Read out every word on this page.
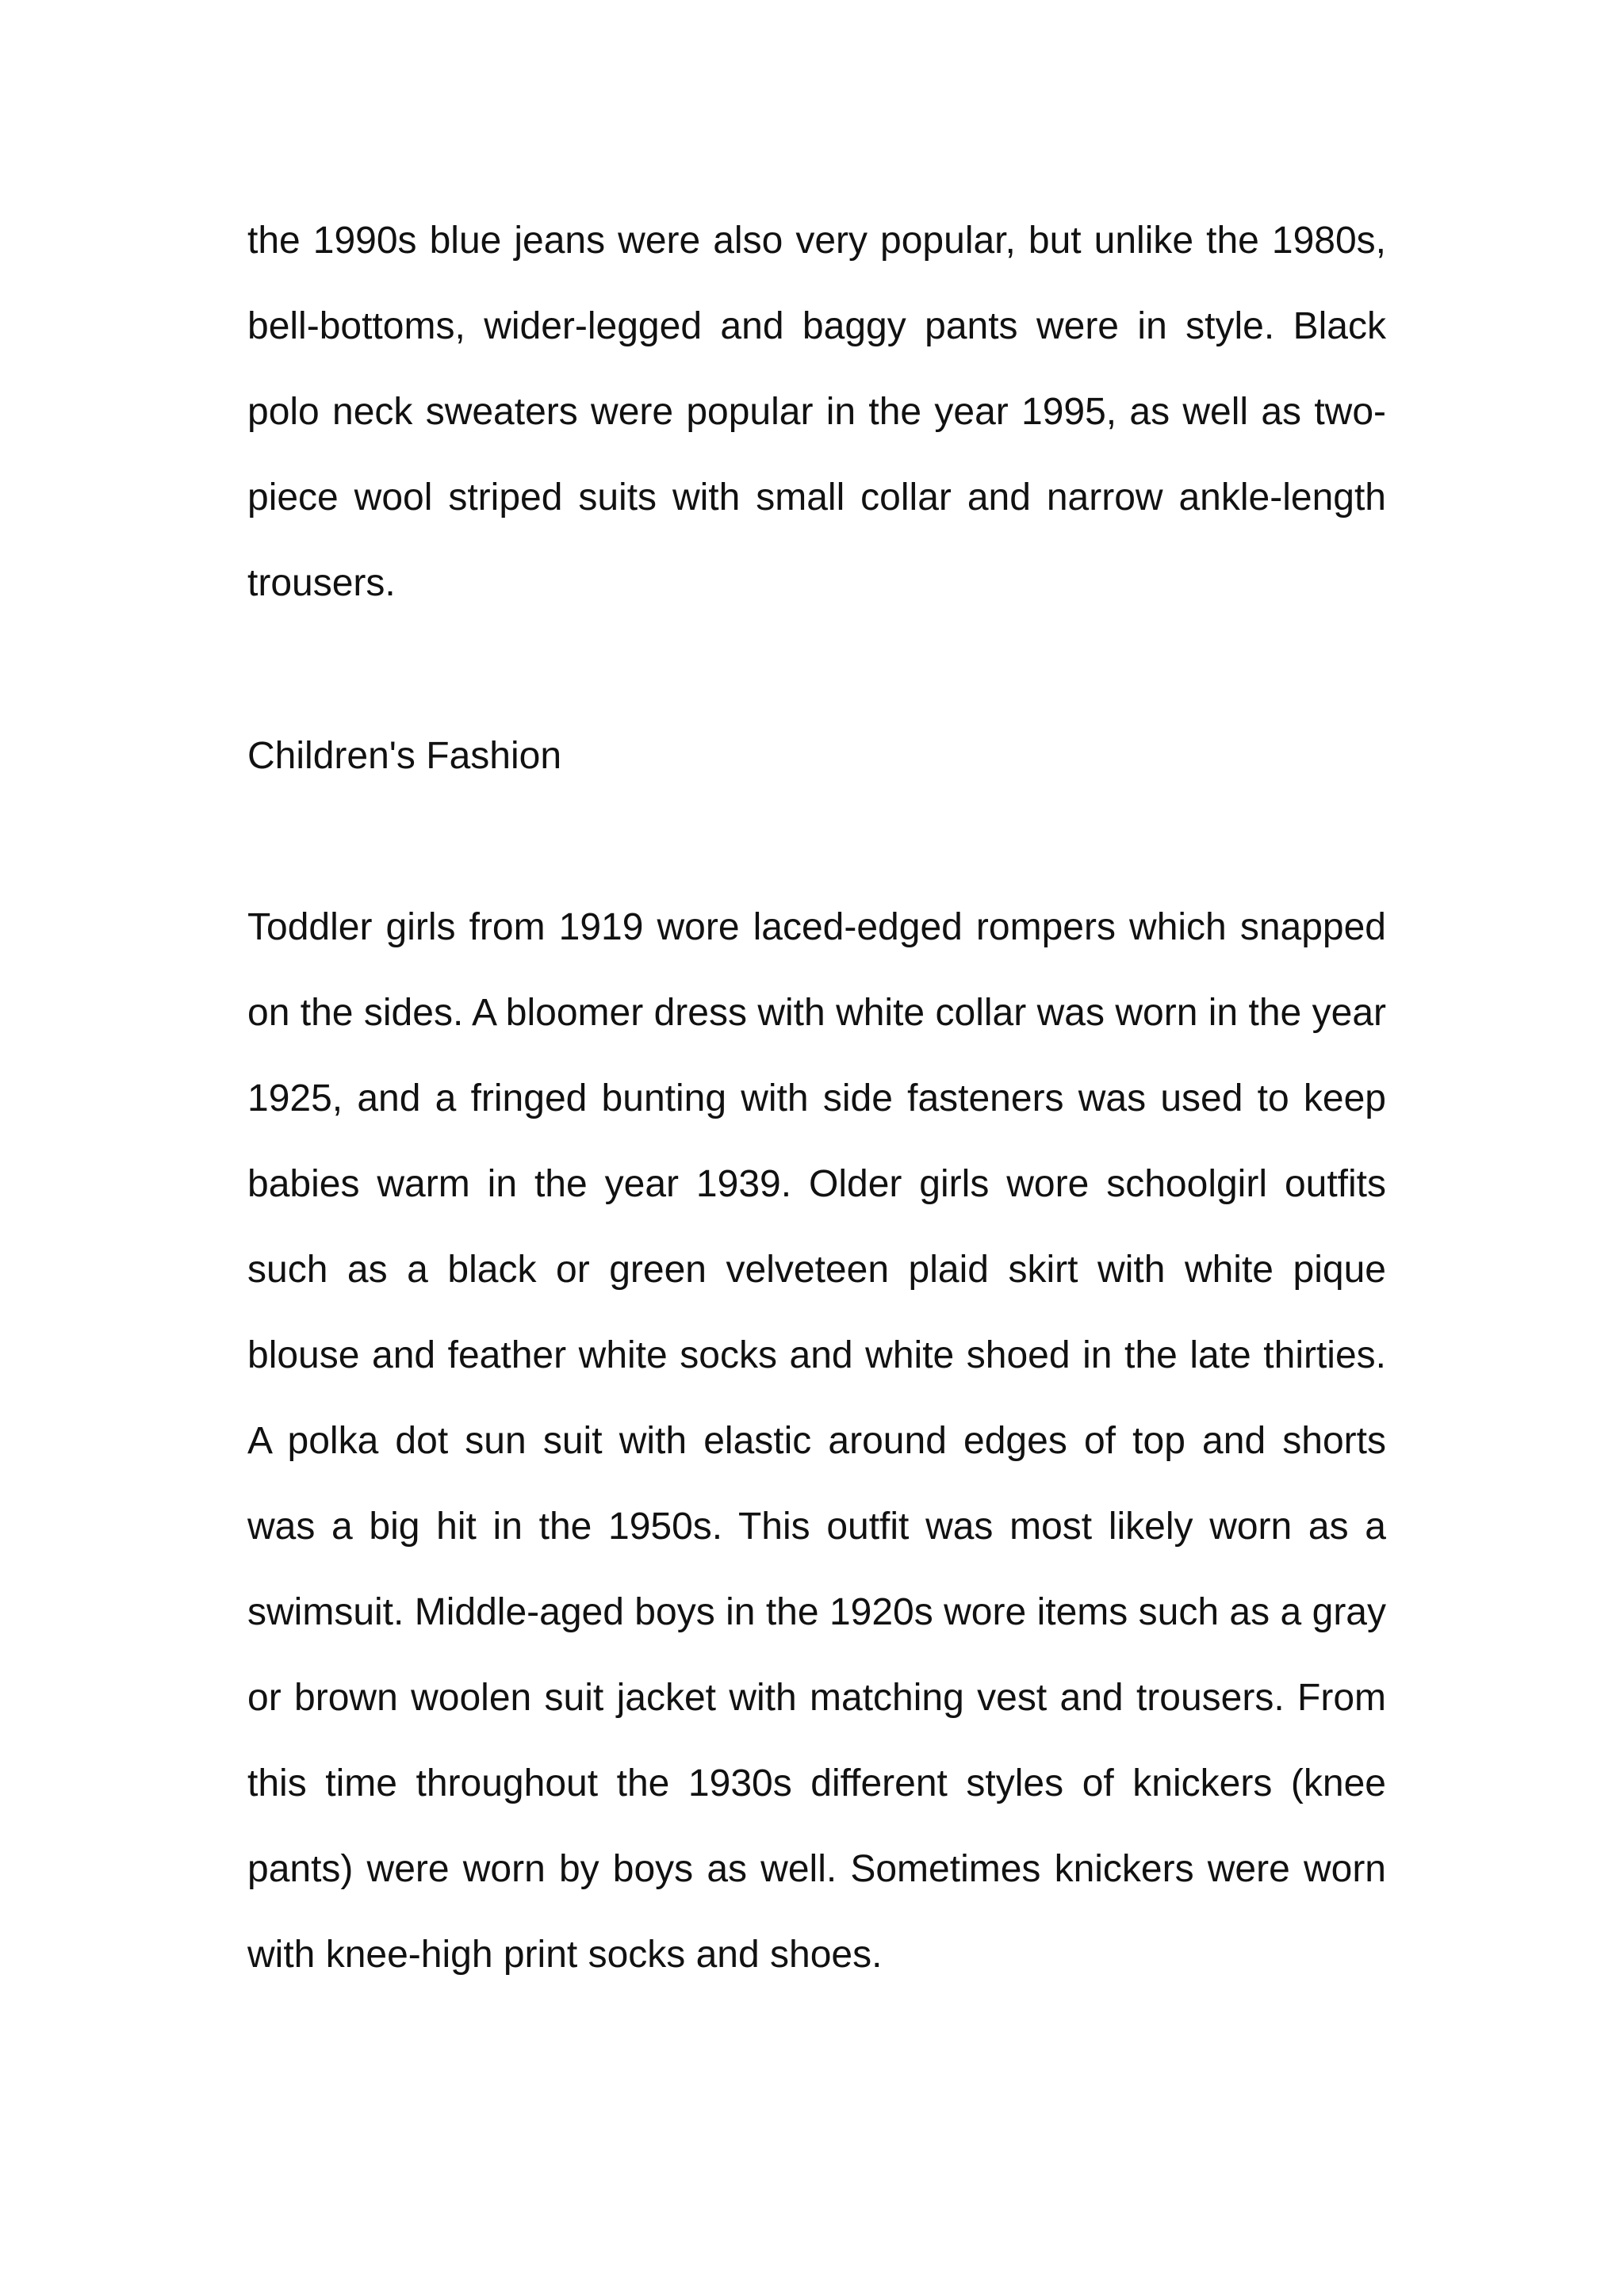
the 1990s blue jeans were also very popular, but unlike the 1980s, bell-bottoms, wider-legged and baggy pants were in style. Black polo neck sweaters were popular in the year 1995, as well as two-piece wool striped suits with small collar and narrow ankle-length trousers.

Children's Fashion

Toddler girls from 1919 wore laced-edged rompers which snapped on the sides. A bloomer dress with white collar was worn in the year 1925, and a fringed bunting with side fasteners was used to keep babies warm in the year 1939. Older girls wore schoolgirl outfits such as a black or green velveteen plaid skirt with white pique blouse and feather white socks and white shoed in the late thirties. A polka dot sun suit with elastic around edges of top and shorts was a big hit in the 1950s. This outfit was most likely worn as a swimsuit. Middle-aged boys in the 1920s wore items such as a gray or brown woolen suit jacket with matching vest and trousers. From this time throughout the 1930s different styles of knickers (knee pants) were worn by boys as well. Sometimes knickers were worn with knee-high print socks and shoes.
